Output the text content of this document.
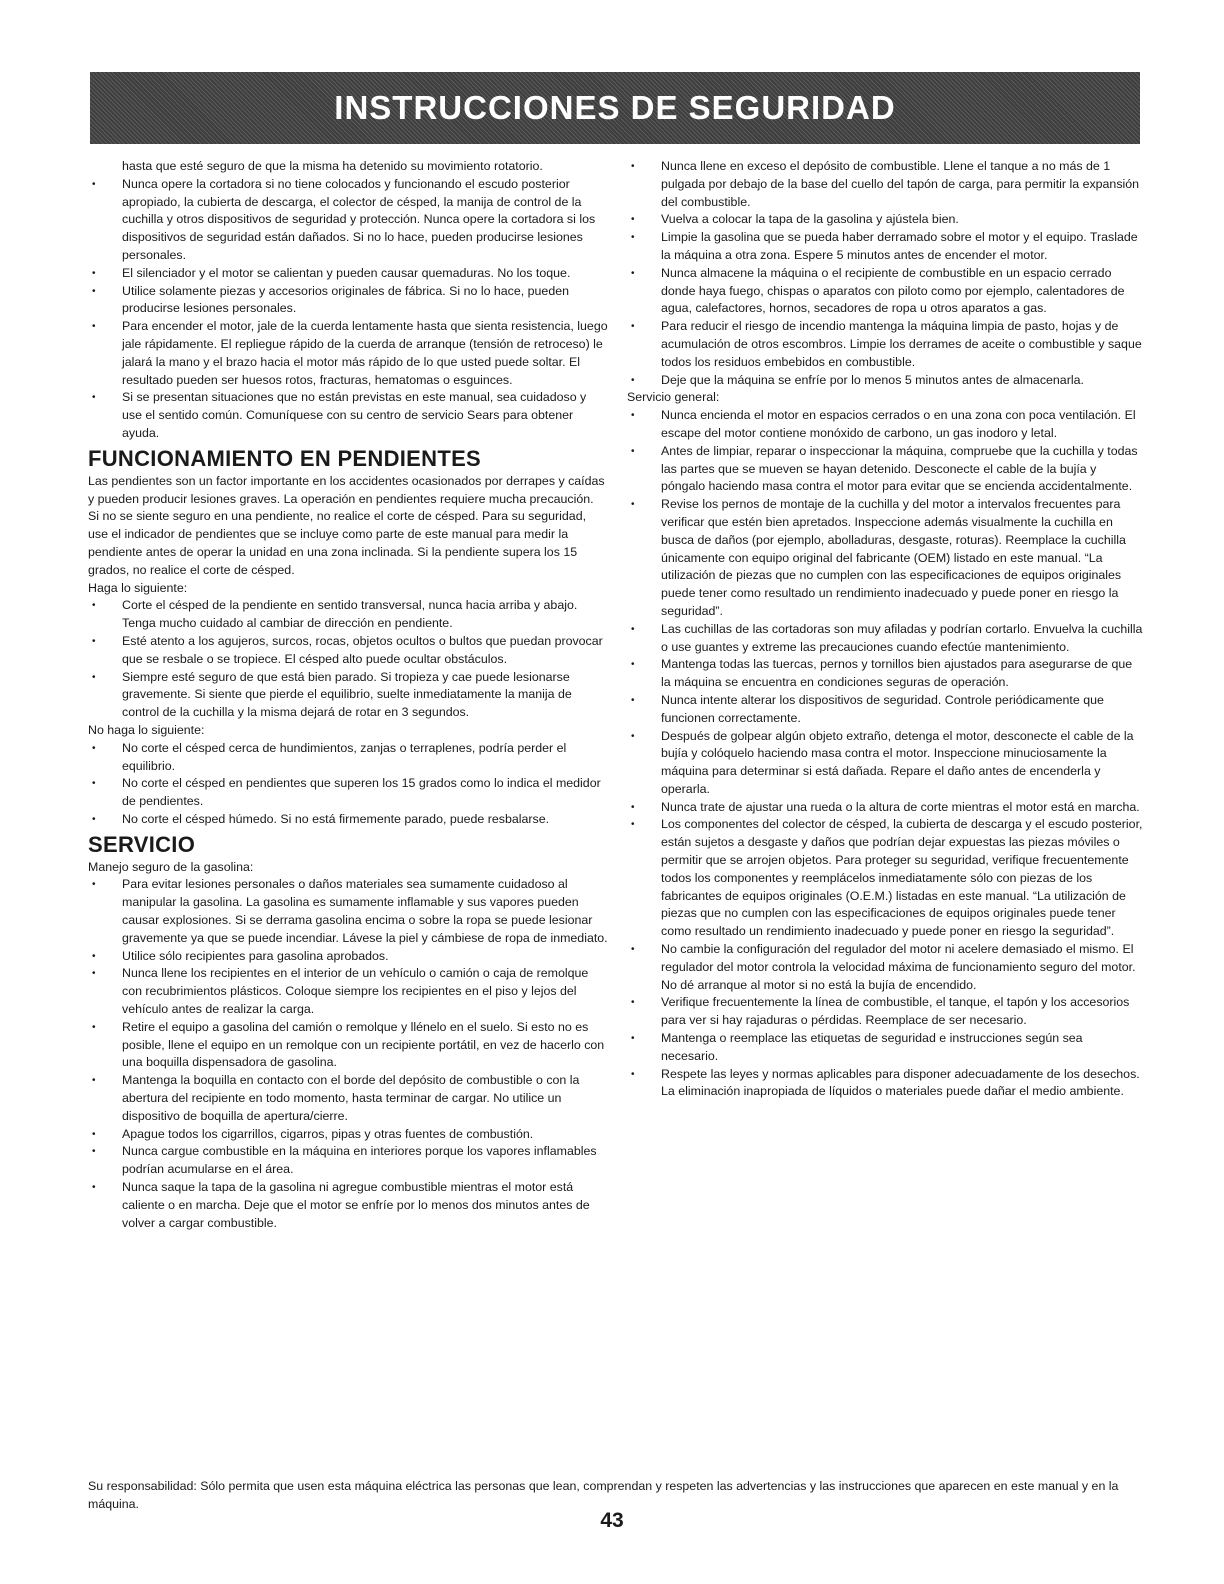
INSTRUCCIONES DE SEGURIDAD

hasta que esté seguro de que la misma ha detenido su movimiento rotatorio.

• Nunca opere la cortadora si no tiene colocados y funcionando el escudo posterior apropiado, la cubierta de descarga, el colector de césped, la manija de control de la cuchilla y otros dispositivos de seguridad y protección. Nunca opere la cortadora si los dispositivos de seguridad están dañados. Si no lo hace, pueden producirse lesiones personales.
• El silenciador y el motor se calientan y pueden causar quemaduras. No los toque.
• Utilice solamente piezas y accesorios originales de fábrica. Si no lo hace, pueden producirse lesiones personales.
• Para encender el motor, jale de la cuerda lentamente hasta que sienta resistencia, luego jale rápidamente. El repliegue rápido de la cuerda de arranque (tensión de retroceso) le jalará la mano y el brazo hacia el motor más rápido de lo que usted puede soltar. El resultado pueden ser huesos rotos, fracturas, hematomas o esguinces.
• Si se presentan situaciones que no están previstas en este manual, sea cuidadoso y use el sentido común. Comuníquese con su centro de servicio Sears para obtener ayuda.
FUNCIONAMIENTO EN PENDIENTES

Las pendientes son un factor importante en los accidentes ocasionados por derrapes y caídas y pueden producir lesiones graves. La operación en pendientes requiere mucha precaución. Si no se siente seguro en una pendiente, no realice el corte de césped. Para su seguridad, use el indicador de pendientes que se incluye como parte de este manual para medir la pendiente antes de operar la unidad en una zona inclinada. Si la pendiente supera los 15 grados, no realice el corte de césped.

Haga lo siguiente:

• Corte el césped de la pendiente en sentido transversal, nunca hacia arriba y abajo. Tenga mucho cuidado al cambiar de dirección en pendiente.
• Esté atento a los agujeros, surcos, rocas, objetos ocultos o bultos que puedan provocar que se resbale o se tropiece. El césped alto puede ocultar obstáculos.
• Siempre esté seguro de que está bien parado. Si tropieza y cae puede lesionarse gravemente. Si siente que pierde el equilibrio, suelte inmediatamente la manija de control de la cuchilla y la misma dejará de rotar en 3 segundos.

No haga lo siguiente:

• No corte el césped cerca de hundimientos, zanjas o terraplenes, podría perder el equilibrio.
• No corte el césped en pendientes que superen los 15 grados como lo indica el medidor de pendientes.
• No corte el césped húmedo. Si no está firmemente parado, puede resbalarse.
SERVICIO

Manejo seguro de la gasolina:

• Para evitar lesiones personales o daños materiales sea sumamente cuidadoso al manipular la gasolina. La gasolina es sumamente inflamable y sus vapores pueden causar explosiones. Si se derrama gasolina encima o sobre la ropa se puede lesionar gravemente ya que se puede incendiar. Lávese la piel y cámbiese de ropa de inmediato.
• Utilice sólo recipientes para gasolina aprobados.
• Nunca llene los recipientes en el interior de un vehículo o camión o caja de remolque con recubrimientos plásticos. Coloque siempre los recipientes en el piso y lejos del vehículo antes de realizar la carga.
• Retire el equipo a gasolina del camión o remolque y llénelo en el suelo. Si esto no es posible, llene el equipo en un remolque con un recipiente portátil, en vez de hacerlo con una boquilla dispensadora de gasolina.
• Mantenga la boquilla en contacto con el borde del depósito de combustible o con la abertura del recipiente en todo momento, hasta terminar de cargar. No utilice un dispositivo de boquilla de apertura/cierre.
• Apague todos los cigarrillos, cigarros, pipas y otras fuentes de combustión.
• Nunca cargue combustible en la máquina en interiores porque los vapores inflamables podrían acumularse en el área.
• Nunca saque la tapa de la gasolina ni agregue combustible mientras el motor está caliente o en marcha. Deje que el motor se enfríe por lo menos dos minutos antes de volver a cargar combustible.
• Nunca llene en exceso el depósito de combustible. Llene el tanque a no más de 1 pulgada por debajo de la base del cuello del tapón de carga, para permitir la expansión del combustible.
• Vuelva a colocar la tapa de la gasolina y ajústela bien.
• Limpie la gasolina que se pueda haber derramado sobre el motor y el equipo. Traslade la máquina a otra zona. Espere 5 minutos antes de encender el motor.
• Nunca almacene la máquina o el recipiente de combustible en un espacio cerrado donde haya fuego, chispas o aparatos con piloto como por ejemplo, calentadores de agua, calefactores, hornos, secadores de ropa u otros aparatos a gas.
• Para reducir el riesgo de incendio mantenga la máquina limpia de pasto, hojas y de acumulación de otros escombros. Limpie los derrames de aceite o combustible y saque todos los residuos embebidos en combustible.
• Deje que la máquina se enfríe por lo menos 5 minutos antes de almacenarla.

Servicio general:

• Nunca encienda el motor en espacios cerrados o en una zona con poca ventilación. El escape del motor contiene monóxido de carbono, un gas inodoro y letal.
• Antes de limpiar, reparar o inspeccionar la máquina, compruebe que la cuchilla y todas las partes que se mueven se hayan detenido. Desconecte el cable de la bujía y póngalo haciendo masa contra el motor para evitar que se encienda accidentalmente.
• Revise los pernos de montaje de la cuchilla y del motor a intervalos frecuentes para verificar que estén bien apretados. Inspeccione además visualmente la cuchilla en busca de daños (por ejemplo, abolladuras, desgaste, roturas). Reemplace la cuchilla únicamente con equipo original del fabricante (OEM) listado en este manual. “La utilización de piezas que no cumplen con las especificaciones de equipos originales puede tener como resultado un rendimiento inadecuado y puede poner en riesgo la seguridad”.
• Las cuchillas de las cortadoras son muy afiladas y podrían cortarlo. Envuelva la cuchilla o use guantes y extreme las precauciones cuando efectúe mantenimiento.
• Mantenga todas las tuercas, pernos y tornillos bien ajustados para asegurarse de que la máquina se encuentra en condiciones seguras de operación.
• Nunca intente alterar los dispositivos de seguridad. Controle periódicamente que funcionen correctamente.
• Después de golpear algún objeto extraño, detenga el motor, desconecte el cable de la bujía y colóquelo haciendo masa contra el motor. Inspeccione minuciosamente la máquina para determinar si está dañada. Repare el daño antes de encenderla y operarla.
• Nunca trate de ajustar una rueda o la altura de corte mientras el motor está en marcha.
• Los componentes del colector de césped, la cubierta de descarga y el escudo posterior, están sujetos a desgaste y daños que podrían dejar expuestas las piezas móviles o permitir que se arrojen objetos. Para proteger su seguridad, verifique frecuentemente todos los componentes y reemplácelos inmediatamente sólo con piezas de los fabricantes de equipos originales (O.E.M.) listadas en este manual. “La utilización de piezas que no cumplen con las especificaciones de equipos originales puede tener como resultado un rendimiento inadecuado y puede poner en riesgo la seguridad”.
• No cambie la configuración del regulador del motor ni acelere demasiado el mismo. El regulador del motor controla la velocidad máxima de funcionamiento seguro del motor. No dé arranque al motor si no está la bujía de encendido.
• Verifique frecuentemente la línea de combustible, el tanque, el tapón y los accesorios para ver si hay rajaduras o pérdidas. Reemplace de ser necesario.
• Mantenga o reemplace las etiquetas de seguridad e instrucciones según sea necesario.
• Respete las leyes y normas aplicables para disponer adecuadamente de los desechos. La eliminación inapropiada de líquidos o materiales puede dañar el medio ambiente.

Su responsabilidad: Sólo permita que usen esta máquina eléctrica las personas que lean, comprendan y respeten las advertencias y las instrucciones que aparecen en este manual y en la máquina.

43
